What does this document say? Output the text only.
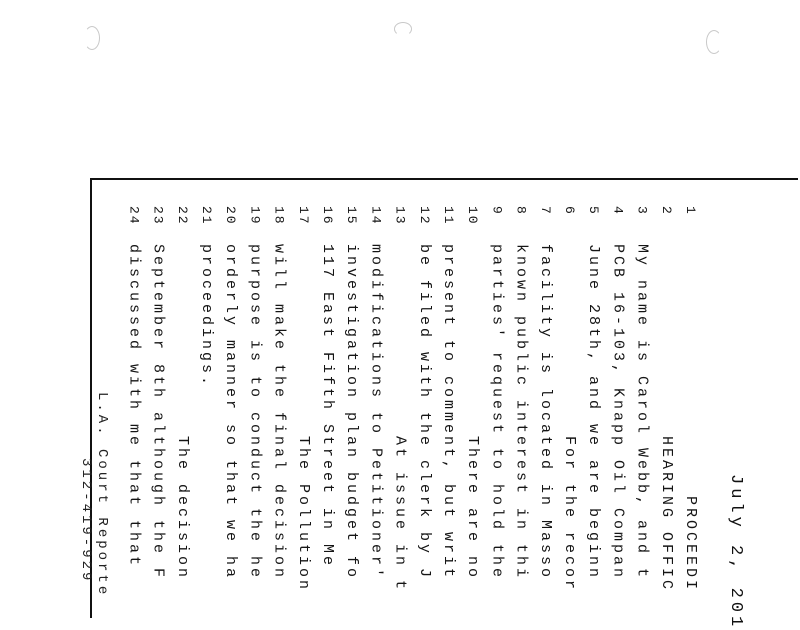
1
PROCEEDI
2
HEARING OFFIC
3
My name is Carol Webb, and t
4
PCB 16-103, Knapp Oil Compan
5
June 28th, and we are beginn
6
For the recor
7
facility is located in Masso
8
known public interest in thi
9
parties' request to hold the
10
There are no
11
present to comment, but writ
12
be filed with the clerk by J
13
At issue in t
14
modifications to Petitioner'
15
investigation plan budget fo
16
117 East Fifth Street in Me
17
The Pollution
18
will make the final decision
19
purpose is to conduct the he
20
orderly manner so that we ha
21
proceedings.
22
The decision
23
September 8th although the F
24
discussed with me that that	July 2, 201
L.A. Court Reporte
312-419-929
